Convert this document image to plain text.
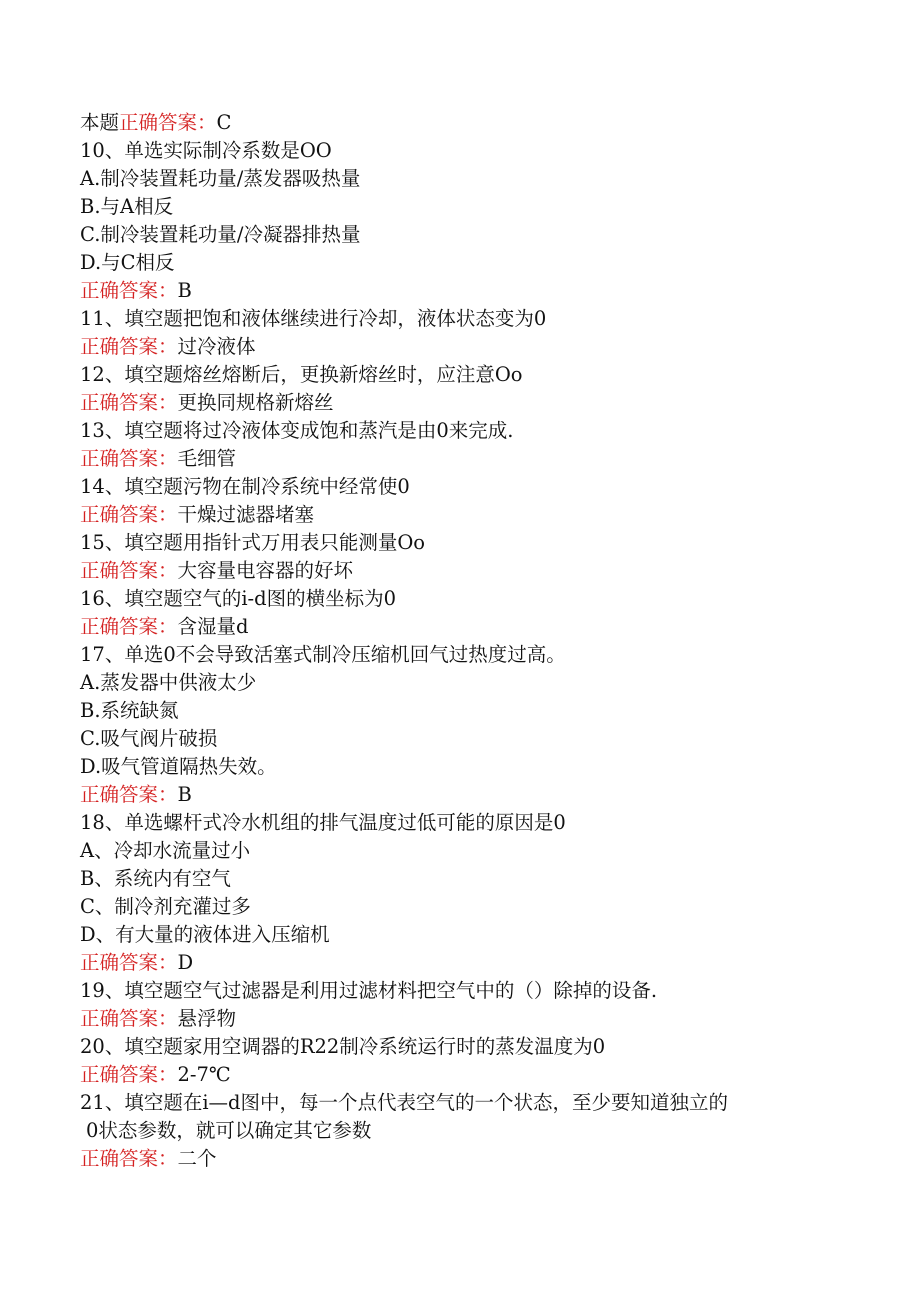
本题正确答案：C
10、单选实际制冷系数是OO
A.制冷装置耗功量/蒸发器吸热量
B.与A相反
C.制冷装置耗功量/冷凝器排热量
D.与C相反
正确答案：B
11、填空题把饱和液体继续进行冷却，液体状态变为0
正确答案：过冷液体
12、填空题熔丝熔断后，更换新熔丝时，应注意Oo
正确答案：更换同规格新熔丝
13、填空题将过冷液体变成饱和蒸汽是由0来完成.
正确答案：毛细管
14、填空题污物在制冷系统中经常使0
正确答案：干燥过滤器堵塞
15、填空题用指针式万用表只能测量Oo
正确答案：大容量电容器的好坏
16、填空题空气的i-d图的横坐标为0
正确答案：含湿量d
17、单选0不会导致活塞式制冷压缩机回气过热度过高。
A.蒸发器中供液太少
B.系统缺氮
C.吸气阀片破损
D.吸气管道隔热失效。
正确答案：B
18、单选螺杆式冷水机组的排气温度过低可能的原因是0
A、冷却水流量过小
B、系统内有空气
C、制冷剂充灌过多
D、有大量的液体进入压缩机
正确答案：D
19、填空题空气过滤器是利用过滤材料把空气中的（）除掉的设备.
正确答案：悬浮物
20、填空题家用空调器的R22制冷系统运行时的蒸发温度为0
正确答案：2-7℃
21、填空题在i—d图中，每一个点代表空气的一个状态，至少要知道独立的
0状态参数，就可以确定其它参数
正确答案：二个
